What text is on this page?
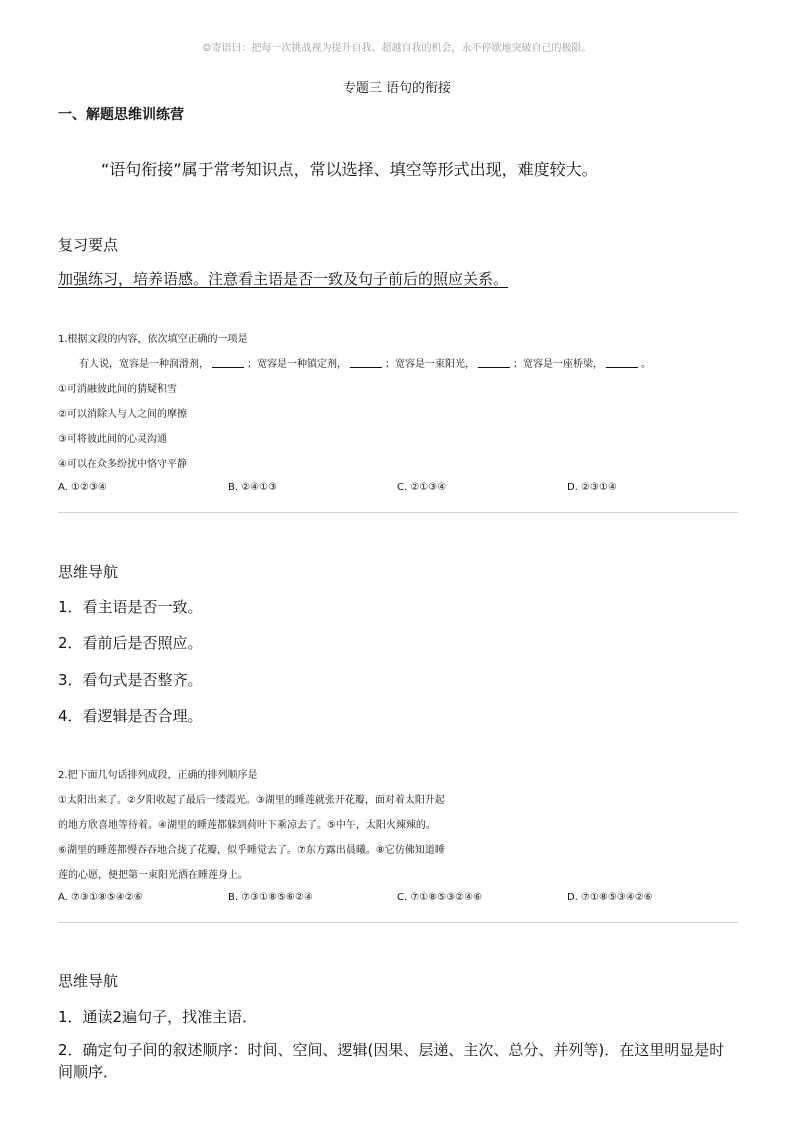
☺寄语曰：把每一次挑战视为提升自我、超越自我的机会，永不停歇地突破自己的极限。
专题三 语句的衔接
一、解题思维训练营
“语句衔接”属于常考知识点，常以选择、填空等形式出现，难度较大。
复习要点
加强练习，培养语感。注意看主语是否一致及句子前后的照应关系。
1.根据文段的内容，依次填空正确的一项是
有人说，宽容是一种润滑剂，	；宽容是一种镇定剂，	；宽容是一束阳光，	；宽容是一座桥梁，	。
①可消融彼此间的猜疑积雪
②可以消除人与人之间的摩擦
③可将彼此间的心灵沟通
④可以在众多纷扰中恪守平静
A. ①②③④	B. ②④①③	C. ②①③④	D. ②③①④
思维导航
1．看主语是否一致。
2．看前后是否照应。
3．看句式是否整齐。
4．看逻辑是否合理。
2.把下面几句话排列成段，正确的排列顺序是
①太阳出来了。②夕阳收起了最后一缕霞光。③湖里的睡莲就张开花瓣，面对着太阳升起
的地方欣喜地等待着。④湖里的睡莲都躲到荷叶下乘凉去了。⑤中午，太阳火辣辣的。
⑥湖里的睡莲都慢吞吞地合拢了花瓣，似乎睡觉去了。⑦东方露出晨曦。⑧它仿佛知道睡
莲的心愿，便把第一束阳光洒在睡莲身上。
A. ⑦③①⑧⑤④②⑥	B. ⑦③①⑧⑤⑥②④	C. ⑦①⑧⑤③②④⑥	D. ⑦①⑧⑤③④②⑥
思维导航
1．通读2遍句子，找准主语．
2．确定句子间的叙述顺序：时间、空间、逻辑(因果、层递、主次、总分、并列等)．在这里明显是时间顺序．
